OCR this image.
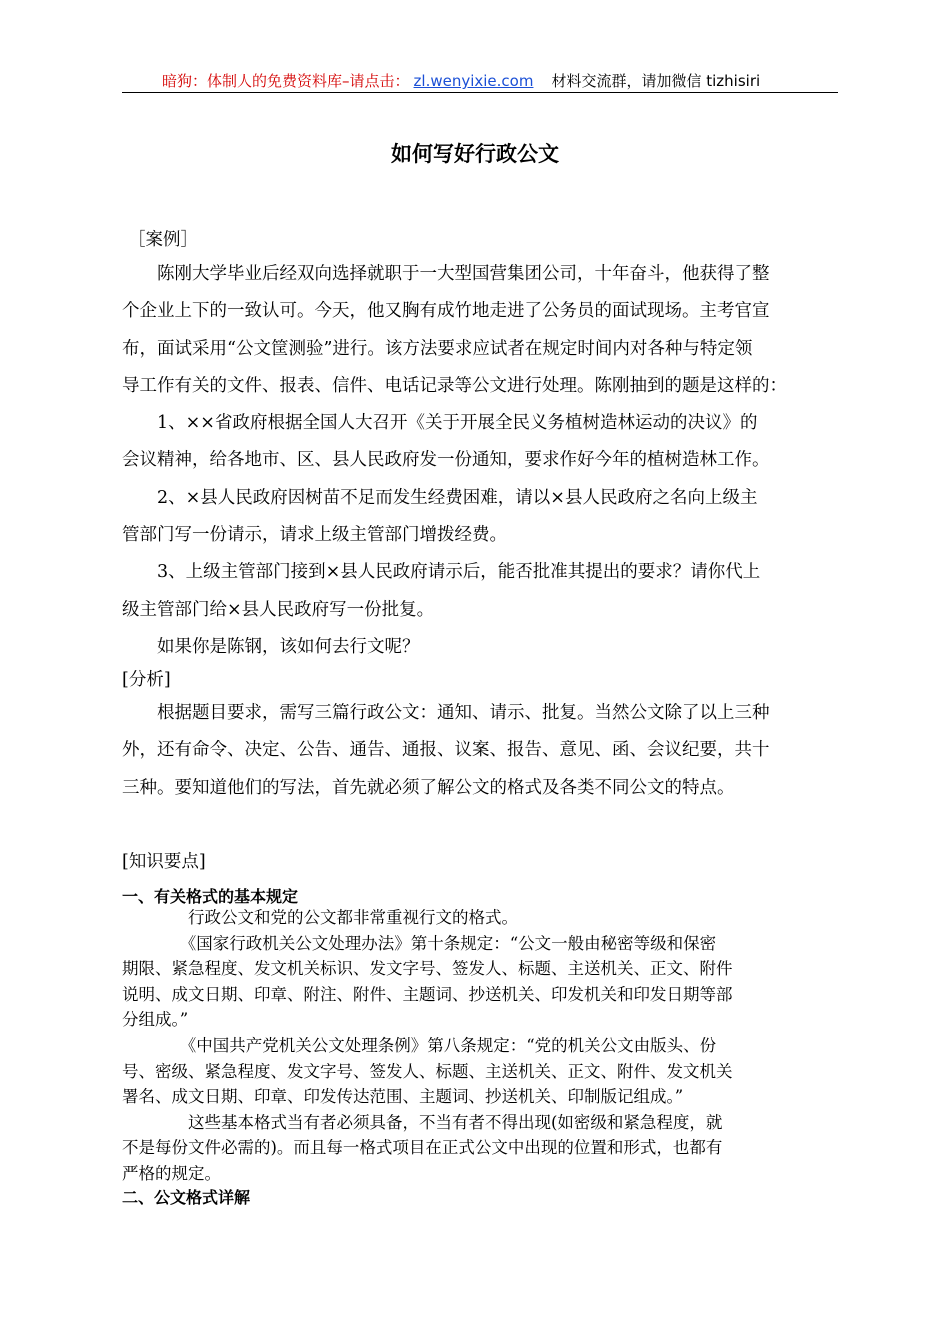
暗狗：体制人的免费资料库–请点击： zl.wenyixie.com 材料交流群，请加微信 tizhisiri
如何写好行政公文

［案例］

　　陈刚大学毕业后经双向选择就职于一大型国营集团公司，十年奋斗，他获得了整
个企业上下的一致认可。今天，他又胸有成竹地走进了公务员的面试现场。主考官宣
布，面试采用“公文筐测验”进行。该方法要求应试者在规定时间内对各种与特定领
导工作有关的文件、报表、信件、电话记录等公文进行处理。陈刚抽到的题是这样的：
　　1、××省政府根据全国人大召开《关于开展全民义务植树造林运动的决议》的
会议精神，给各地市、区、县人民政府发一份通知，要求作好今年的植树造林工作。
　　2、×县人民政府因树苗不足而发生经费困难，请以×县人民政府之名向上级主
管部门写一份请示，请求上级主管部门增拨经费。
　　3、上级主管部门接到×县人民政府请示后，能否批准其提出的要求？请你代上
级主管部门给×县人民政府写一份批复。
　　如果你是陈钢，该如何去行文呢？

[分析]

　　根据题目要求，需写三篇行政公文：通知、请示、批复。当然公文除了以上三种
外，还有命令、决定、公告、通告、通报、议案、报告、意见、函、会议纪要，共十
三种。要知道他们的写法，首先就必须了解公文的格式及各类不同公文的特点。

[知识要点]

一、有关格式的基本规定

　　　　行政公文和党的公文都非常重视行文的格式。
　　　　《国家行政机关公文处理办法》第十条规定：“公文一般由秘密等级和保密
期限、紧急程度、发文机关标识、发文字号、签发人、标题、主送机关、正文、附件
说明、成文日期、印章、附注、附件、主题词、抄送机关、印发机关和印发日期等部
分组成。”
　　　　《中国共产党机关公文处理条例》第八条规定：“党的机关公文由版头、份
号、密级、紧急程度、发文字号、签发人、标题、主送机关、正文、附件、发文机关
署名、成文日期、印章、印发传达范围、主题词、抄送机关、印制版记组成。”
　　　　这些基本格式当有者必须具备，不当有者不得出现(如密级和紧急程度，就
不是每份文件必需的)。而且每一格式项目在正式公文中出现的位置和形式，也都有
严格的规定。

二、公文格式详解
